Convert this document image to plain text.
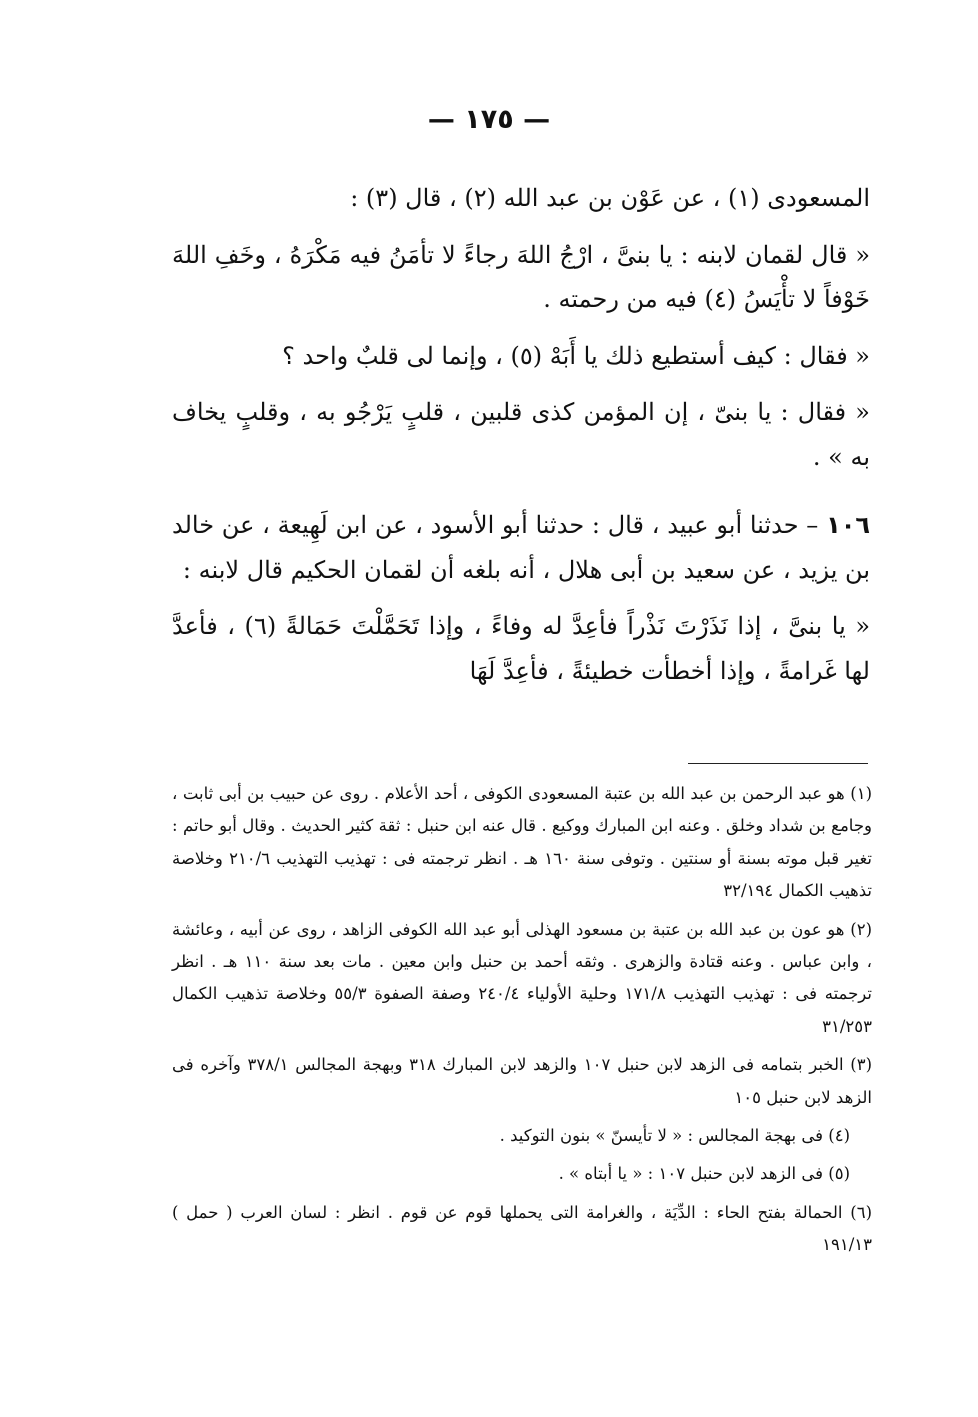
— ١٧٥ —

المسعودى (١) ، عن عَوْن بن عبد الله (٢) ، قال (٣) :

« قال لقمان لابنه : يا بنىَّ ، ارْجُ اللهَ رجاءً لا تأمَنُ فيه مَكْرَهُ ، وخَفِ اللهَ خَوْفاً لا تأْيَسُ (٤) فيه من رحمته .

« فقال : كيف أستطيع ذلك يا أَبَهْ (٥) ، وإنما لى قلبٌ واحد ؟

« فقال : يا بنىّ ، إن المؤمن كذى قلبين ، قلبٍ يَرْجُو به ، وقلبٍ يخاف به » .

١٠٦ – حدثنا أبو عبيد ، قال : حدثنا أبو الأسود ، عن ابن لَهِيعة ، عن خالد بن يزيد ، عن سعيد بن أبى هلال ، أنه بلغه أن لقمان الحكيم قال لابنه :

« يا بنىَّ ، إذا نَذَرْتَ نَذْراً فأعِدَّ له وفاءً ، وإذا تَحَمَّلْتَ حَمَالةً (٦) ، فأعدَّ لها غَرامةً ، وإذا أخطأت خطيئةً ، فأعِدَّ لَهَا

(١) هو عبد الرحمن بن عبد الله بن عتبة المسعودى الكوفى ، أحد الأعلام . روى عن حبيب بن أبى ثابت ، وجامع بن شداد وخلق . وعنه ابن المبارك ووكيع . قال عنه ابن حنبل : ثقة كثير الحديث . وقال أبو حاتم : تغير قبل موته بسنة أو سنتين . وتوفى سنة ١٦٠ هـ . انظر ترجمته فى : تهذيب التهذيب ٢١٠/٦ وخلاصة تذهيب الكمال ٣٢/١٩٤

(٢) هو عون بن عبد الله بن عتبة بن مسعود الهذلى أبو عبد الله الكوفى الزاهد ، روى عن أبيه ، وعائشة ، وابن عباس . وعنه قتادة والزهرى . وثقه أحمد بن حنبل وابن معين . مات بعد سنة ١١٠ هـ . انظر ترجمته فى : تهذيب التهذيب ١٧١/٨ وحلية الأولياء ٢٤٠/٤ وصفة الصفوة ٥٥/٣ وخلاصة تذهيب الكمال ٣١/٢٥٣

(٣) الخبر بتمامه فى الزهد لابن حنبل ١٠٧ والزهد لابن المبارك ٣١٨ وبهجة المجالس ٣٧٨/١ وآخره فى الزهد لابن حنبل ١٠٥

(٤) فى بهجة المجالس : « لا تأيسنّ » بنون التوكيد .

(٥) فى الزهد لابن حنبل ١٠٧ : « يا أبتاه » .

(٦) الحمالة بفتح الحاء : الدِّيَة ، والغرامة التى يحملها قوم عن قوم . انظر : لسان العرب ( حمل ) ١٩١/١٣
